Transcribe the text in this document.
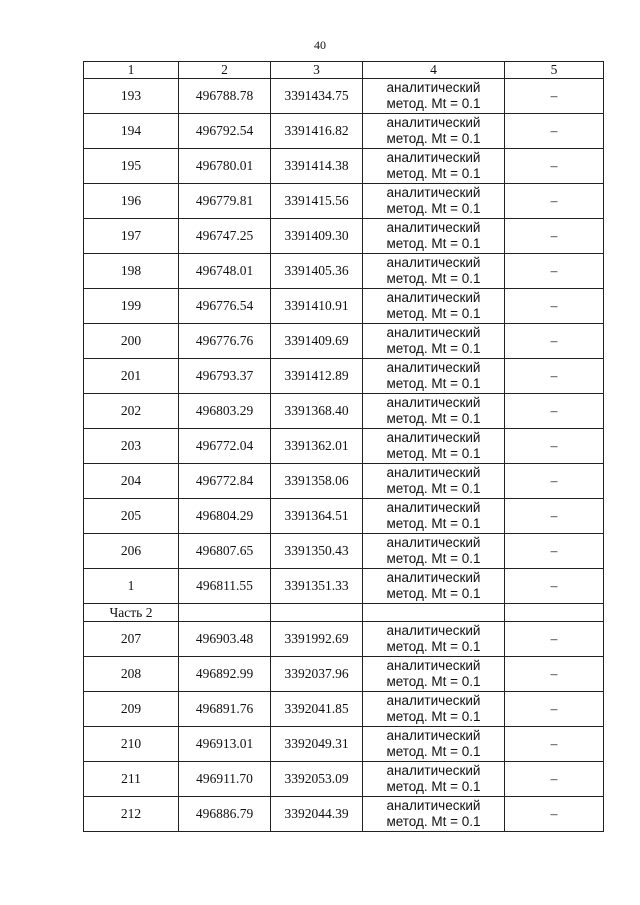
40
1	2	3	4	5
193	496788.78	3391434.75	аналитический
метод. Mt = 0.1	–
194	496792.54	3391416.82	аналитический
метод. Mt = 0.1	–
195	496780.01	3391414.38	аналитический
метод. Mt = 0.1	–
196	496779.81	3391415.56	аналитический
метод. Mt = 0.1	–
197	496747.25	3391409.30	аналитический
метод. Mt = 0.1	–
198	496748.01	3391405.36	аналитический
метод. Mt = 0.1	–
199	496776.54	3391410.91	аналитический
метод. Mt = 0.1	–
200	496776.76	3391409.69	аналитический
метод. Mt = 0.1	–
201	496793.37	3391412.89	аналитический
метод. Mt = 0.1	–
202	496803.29	3391368.40	аналитический
метод. Mt = 0.1	–
203	496772.04	3391362.01	аналитический
метод. Mt = 0.1	–
204	496772.84	3391358.06	аналитический
метод. Mt = 0.1	–
205	496804.29	3391364.51	аналитический
метод. Mt = 0.1	–
206	496807.65	3391350.43	аналитический
метод. Mt = 0.1	–
1	496811.55	3391351.33	аналитический
метод. Mt = 0.1	–
Часть 2				
207	496903.48	3391992.69	аналитический
метод. Mt = 0.1	–
208	496892.99	3392037.96	аналитический
метод. Mt = 0.1	–
209	496891.76	3392041.85	аналитический
метод. Mt = 0.1	–
210	496913.01	3392049.31	аналитический
метод. Mt = 0.1	–
211	496911.70	3392053.09	аналитический
метод. Mt = 0.1	–
212	496886.79	3392044.39	аналитический
метод. Mt = 0.1	–
